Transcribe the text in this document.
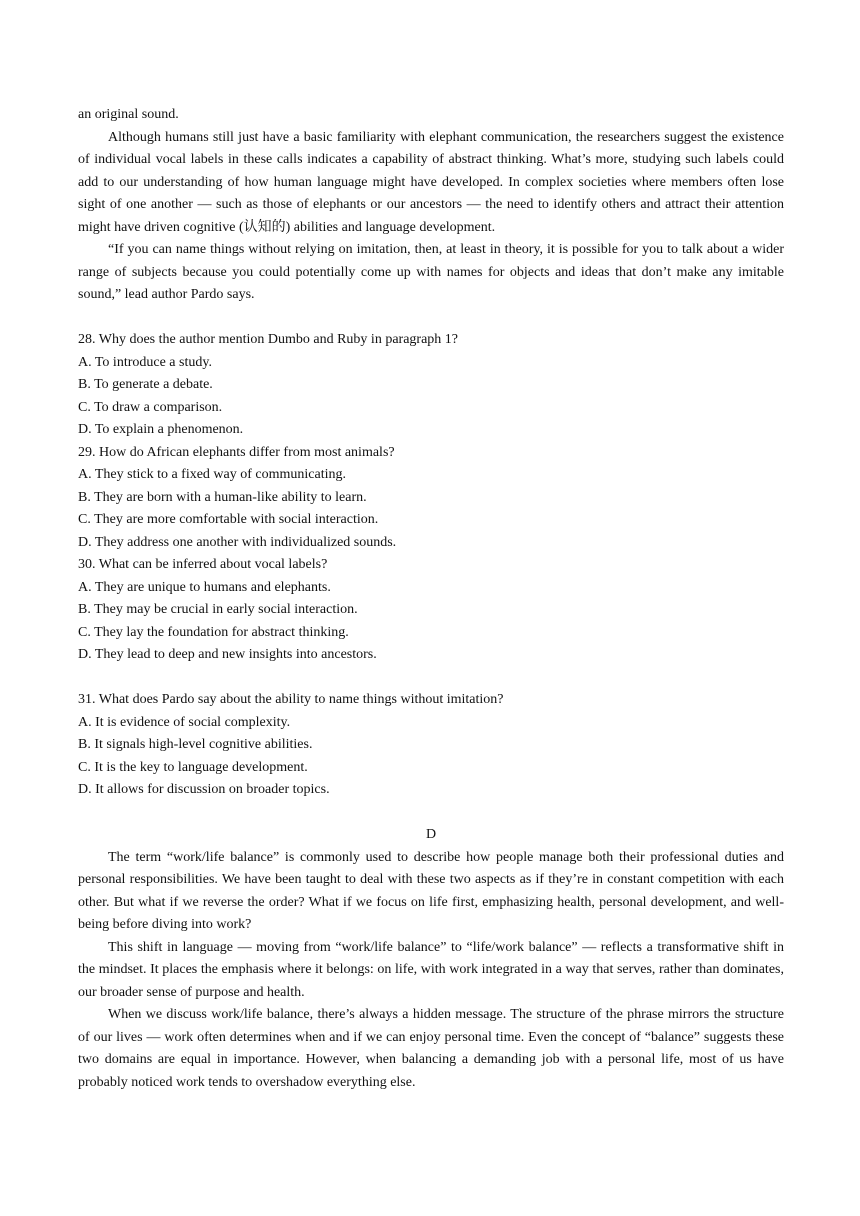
an original sound.

Although humans still just have a basic familiarity with elephant communication, the researchers suggest the existence of individual vocal labels in these calls indicates a capability of abstract thinking. What’s more, studying such labels could add to our understanding of how human language might have developed. In complex societies where members often lose sight of one another — such as those of elephants or our ancestors — the need to identify others and attract their attention might have driven cognitive (认知的) abilities and language development.

“If you can name things without relying on imitation, then, at least in theory, it is possible for you to talk about a wider range of subjects because you could potentially come up with names for objects and ideas that don’t make any imitable sound,” lead author Pardo says.

28. Why does the author mention Dumbo and Ruby in paragraph 1?

A. To introduce a study.

B. To generate a debate.

C. To draw a comparison.

D. To explain a phenomenon.

29. How do African elephants differ from most animals?

A. They stick to a fixed way of communicating.

B. They are born with a human-like ability to learn.

C. They are more comfortable with social interaction.

D. They address one another with individualized sounds.

30. What can be inferred about vocal labels?

A. They are unique to humans and elephants.

B. They may be crucial in early social interaction.

C. They lay the foundation for abstract thinking.

D. They lead to deep and new insights into ancestors.

31. What does Pardo say about the ability to name things without imitation?

A. It is evidence of social complexity.

B. It signals high-level cognitive abilities.

C. It is the key to language development.

D. It allows for discussion on broader topics.

D

The term “work/life balance” is commonly used to describe how people manage both their professional duties and personal responsibilities. We have been taught to deal with these two aspects as if they’re in constant competition with each other. But what if we reverse the order? What if we focus on life first, emphasizing health, personal development, and well-being before diving into work?

This shift in language — moving from “work/life balance” to “life/work balance” — reflects a transformative shift in the mindset. It places the emphasis where it belongs: on life, with work integrated in a way that serves, rather than dominates, our broader sense of purpose and health.

When we discuss work/life balance, there’s always a hidden message. The structure of the phrase mirrors the structure of our lives — work often determines when and if we can enjoy personal time. Even the concept of “balance” suggests these two domains are equal in importance. However, when balancing a demanding job with a personal life, most of us have probably noticed work tends to overshadow everything else.
